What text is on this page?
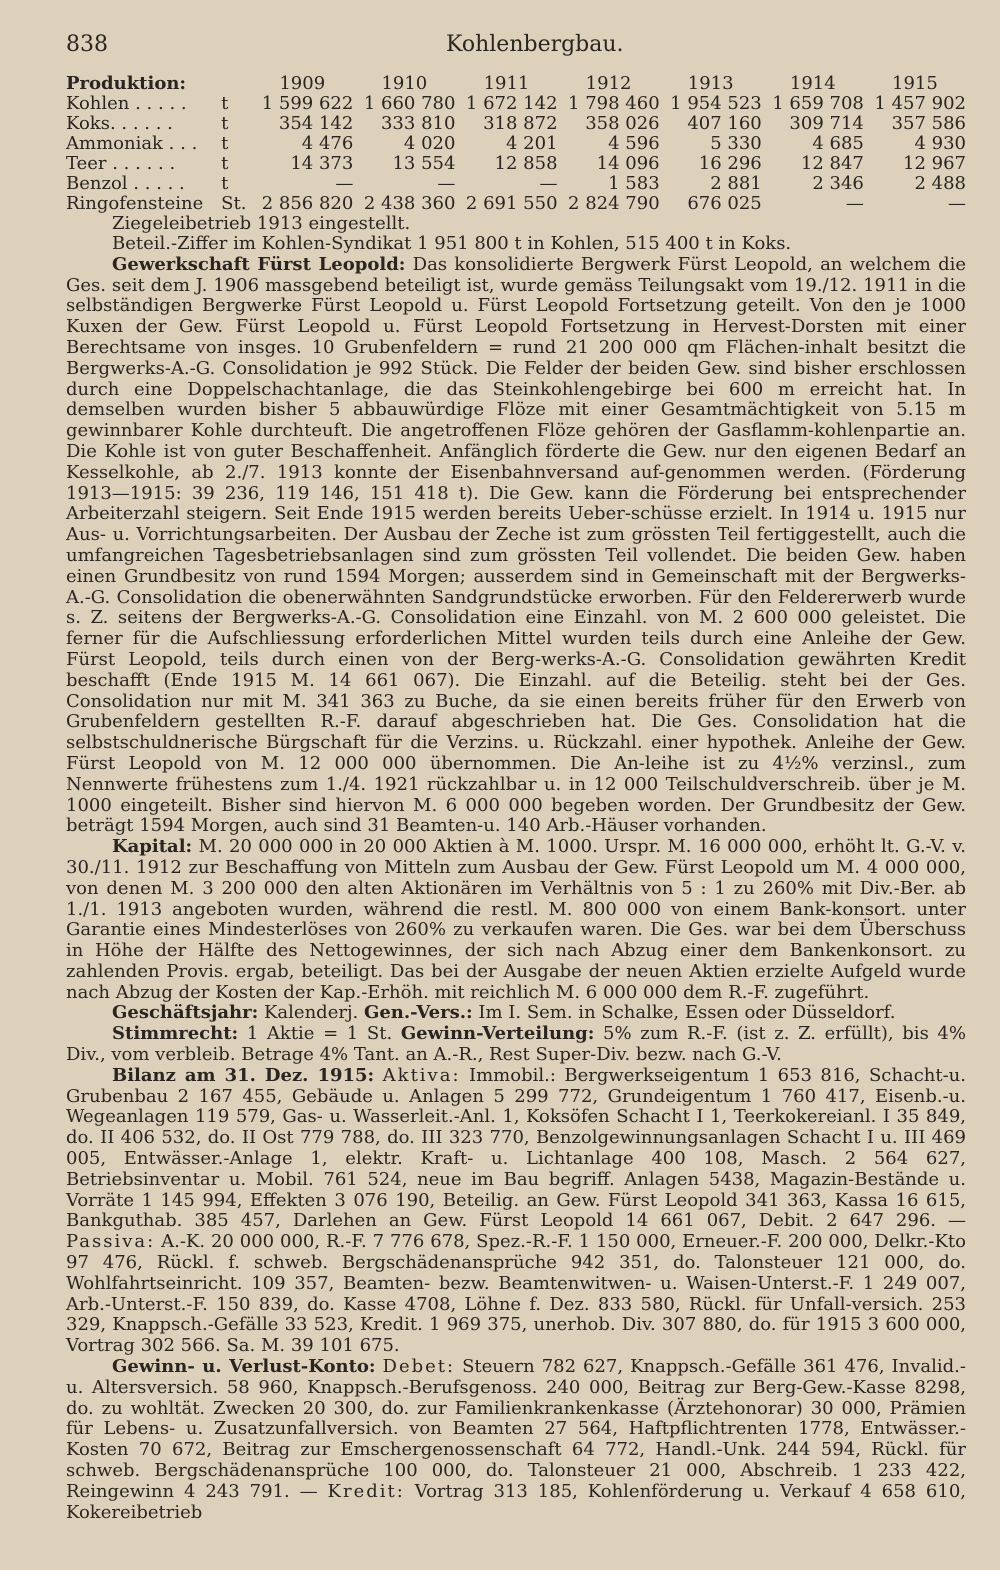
838	Kohlenbergbau.
Produktion:		1909	1910	1911	1912	1913	1914	1915
Kohlen . . . . .	t	1 599 622	1 660 780	1 672 142	1 798 460	1 954 523	1 659 708	1 457 902
Koks. . . . . .	t	354 142	333 810	318 872	358 026	407 160	309 714	357 586
Ammoniak . . .	t	4 476	4 020	4 201	4 596	5 330	4 685	4 930
Teer . . . . . .	t	14 373	13 554	12 858	14 096	16 296	12 847	12 967
Benzol . . . . .	t	—	—	—	1 583	2 881	2 346	2 488
Ringofensteine	St.	2 856 820	2 438 360	2 691 550	2 824 790	676 025	—	—
Ziegeleibetrieb 1913 eingestellt.

Beteil.-Ziffer im Kohlen-Syndikat 1 951 800 t in Kohlen, 515 400 t in Koks.

Gewerkschaft Fürst Leopold: Das konsolidierte Bergwerk Fürst Leopold, an welchem die Ges. seit dem J. 1906 massgebend beteiligt ist, wurde gemäss Teilungsakt vom 19./12. 1911 in die selbständigen Bergwerke Fürst Leopold u. Fürst Leopold Fortsetzung geteilt. Von den je 1000 Kuxen der Gew. Fürst Leopold u. Fürst Leopold Fortsetzung in Hervest-Dorsten mit einer Berechtsame von insges. 10 Grubenfeldern = rund 21 200 000 qm Flächen-inhalt besitzt die Bergwerks-A.-G. Consolidation je 992 Stück. Die Felder der beiden Gew. sind bisher erschlossen durch eine Doppelschachtanlage, die das Steinkohlengebirge bei 600 m erreicht hat. In demselben wurden bisher 5 abbauwürdige Flöze mit einer Gesamtmächtigkeit von 5.15 m gewinnbarer Kohle durchteuft. Die angetroffenen Flöze gehören der Gasflamm-kohlenpartie an. Die Kohle ist von guter Beschaffenheit. Anfänglich förderte die Gew. nur den eigenen Bedarf an Kesselkohle, ab 2./7. 1913 konnte der Eisenbahnversand auf-genommen werden. (Förderung 1913—1915: 39 236, 119 146, 151 418 t). Die Gew. kann die Förderung bei entsprechender Arbeiterzahl steigern. Seit Ende 1915 werden bereits Ueber-schüsse erzielt. In 1914 u. 1915 nur Aus- u. Vorrichtungsarbeiten. Der Ausbau der Zeche ist zum grössten Teil fertiggestellt, auch die umfangreichen Tagesbetriebsanlagen sind zum grössten Teil vollendet. Die beiden Gew. haben einen Grundbesitz von rund 1594 Morgen; ausserdem sind in Gemeinschaft mit der Bergwerks-A.-G. Consolidation die obenerwähnten Sandgrundstücke erworben. Für den Feldererwerb wurde s. Z. seitens der Bergwerks-A.-G. Consolidation eine Einzahl. von M. 2 600 000 geleistet. Die ferner für die Aufschliessung erforderlichen Mittel wurden teils durch eine Anleihe der Gew. Fürst Leopold, teils durch einen von der Berg-werks-A.-G. Consolidation gewährten Kredit beschafft (Ende 1915 M. 14 661 067). Die Einzahl. auf die Beteilig. steht bei der Ges. Consolidation nur mit M. 341 363 zu Buche, da sie einen bereits früher für den Erwerb von Grubenfeldern gestellten R.-F. darauf abgeschrieben hat. Die Ges. Consolidation hat die selbstschuldnerische Bürgschaft für die Verzins. u. Rückzahl. einer hypothek. Anleihe der Gew. Fürst Leopold von M. 12 000 000 übernommen. Die An-leihe ist zu 4½% verzinsl., zum Nennwerte frühestens zum 1./4. 1921 rückzahlbar u. in 12 000 Teilschuldverschreib. über je M. 1000 eingeteilt. Bisher sind hiervon M. 6 000 000 begeben worden. Der Grundbesitz der Gew. beträgt 1594 Morgen, auch sind 31 Beamten-u. 140 Arb.-Häuser vorhanden.

Kapital: M. 20 000 000 in 20 000 Aktien à M. 1000. Urspr. M. 16 000 000, erhöht lt. G.-V. v. 30./11. 1912 zur Beschaffung von Mitteln zum Ausbau der Gew. Fürst Leopold um M. 4 000 000, von denen M. 3 200 000 den alten Aktionären im Verhältnis von 5 : 1 zu 260% mit Div.-Ber. ab 1./1. 1913 angeboten wurden, während die restl. M. 800 000 von einem Bank-konsort. unter Garantie eines Mindesterlöses von 260% zu verkaufen waren. Die Ges. war bei dem Überschuss in Höhe der Hälfte des Nettogewinnes, der sich nach Abzug einer dem Bankenkonsort. zu zahlenden Provis. ergab, beteiligt. Das bei der Ausgabe der neuen Aktien erzielte Aufgeld wurde nach Abzug der Kosten der Kap.-Erhöh. mit reichlich M. 6 000 000 dem R.-F. zugeführt.

Geschäftsjahr: Kalenderj. Gen.-Vers.: Im I. Sem. in Schalke, Essen oder Düsseldorf.

Stimmrecht: 1 Aktie = 1 St. Gewinn-Verteilung: 5% zum R.-F. (ist z. Z. erfüllt), bis 4% Div., vom verbleib. Betrage 4% Tant. an A.-R., Rest Super-Div. bezw. nach G.-V.

Bilanz am 31. Dez. 1915: Aktiva: Immobil.: Bergwerkseigentum 1 653 816, Schacht-u. Grubenbau 2 167 455, Gebäude u. Anlagen 5 299 772, Grundeigentum 1 760 417, Eisenb.-u. Wegeanlagen 119 579, Gas- u. Wasserleit.-Anl. 1, Koksöfen Schacht I 1, Teerkokereianl. I 35 849, do. II 406 532, do. II Ost 779 788, do. III 323 770, Benzolgewinnungsanlagen Schacht I u. III 469 005, Entwässer.-Anlage 1, elektr. Kraft- u. Lichtanlage 400 108, Masch. 2 564 627, Betriebsinventar u. Mobil. 761 524, neue im Bau begriff. Anlagen 5438, Magazin-Bestände u. Vorräte 1 145 994, Effekten 3 076 190, Beteilig. an Gew. Fürst Leopold 341 363, Kassa 16 615, Bankguthab. 385 457, Darlehen an Gew. Fürst Leopold 14 661 067, Debit. 2 647 296. — Passiva: A.-K. 20 000 000, R.-F. 7 776 678, Spez.-R.-F. 1 150 000, Erneuer.-F. 200 000, Delkr.-Kto 97 476, Rückl. f. schweb. Bergschädenansprüche 942 351, do. Talonsteuer 121 000, do. Wohlfahrtseinricht. 109 357, Beamten- bezw. Beamtenwitwen- u. Waisen-Unterst.-F. 1 249 007, Arb.-Unterst.-F. 150 839, do. Kasse 4708, Löhne f. Dez. 833 580, Rückl. für Unfall-versich. 253 329, Knappsch.-Gefälle 33 523, Kredit. 1 969 375, unerhob. Div. 307 880, do. für 1915 3 600 000, Vortrag 302 566. Sa. M. 39 101 675.

Gewinn- u. Verlust-Konto: Debet: Steuern 782 627, Knappsch.-Gefälle 361 476, Invalid.- u. Altersversich. 58 960, Knappsch.-Berufsgenoss. 240 000, Beitrag zur Berg-Gew.-Kasse 8298, do. zu wohltät. Zwecken 20 300, do. zur Familienkrankenkasse (Ärztehonorar) 30 000, Prämien für Lebens- u. Zusatzunfallversich. von Beamten 27 564, Haftpflichtrenten 1778, Entwässer.-Kosten 70 672, Beitrag zur Emschergenossenschaft 64 772, Handl.-Unk. 244 594, Rückl. für schweb. Bergschädenansprüche 100 000, do. Talonsteuer 21 000, Abschreib. 1 233 422, Reingewinn 4 243 791. — Kredit: Vortrag 313 185, Kohlenförderung u. Verkauf 4 658 610, Kokereibetrieb
